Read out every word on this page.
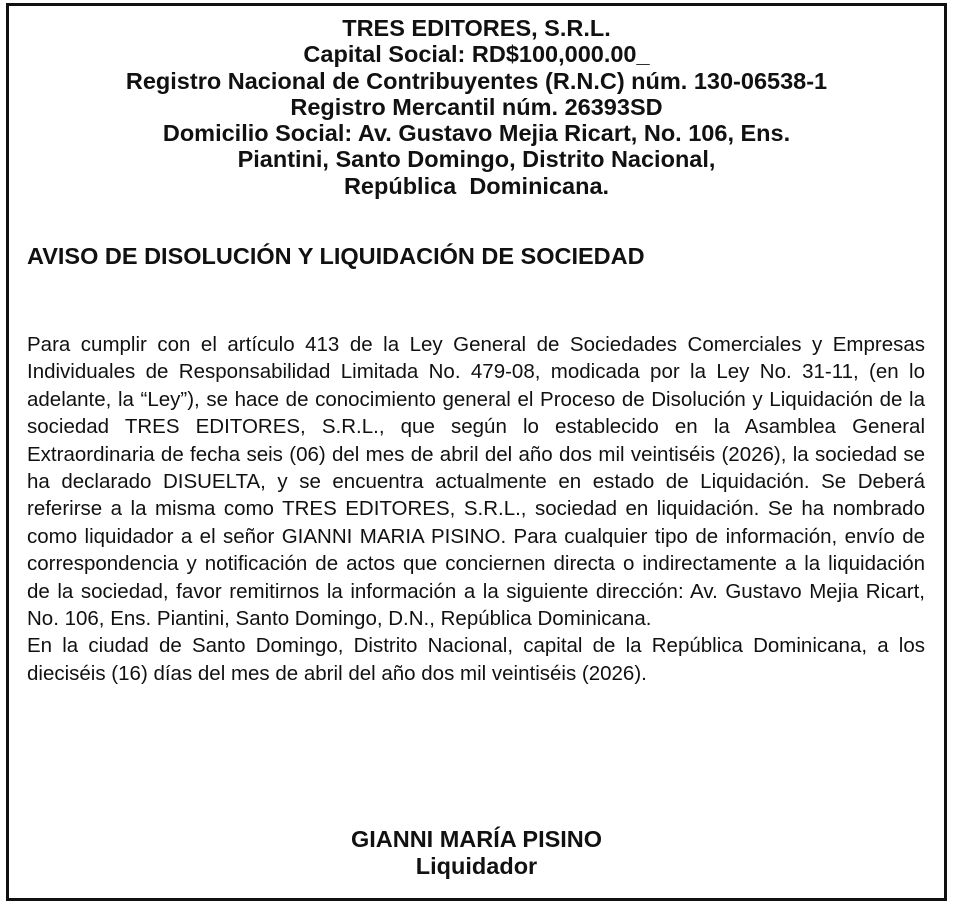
TRES EDITORES, S.R.L.
Capital Social: RD$100,000.00_
Registro Nacional de Contribuyentes (R.N.C) núm. 130-06538-1
Registro Mercantil núm. 26393SD
Domicilio Social: Av. Gustavo Mejia Ricart, No. 106, Ens.
Piantini, Santo Domingo, Distrito Nacional,
República  Dominicana.
AVISO DE DISOLUCIÓN Y LIQUIDACIÓN DE SOCIEDAD

Para cumplir con el artículo 413 de la Ley General de Sociedades Comerciales y Empresas Individuales de Responsabilidad Limitada No. 479-08, modicada por la Ley No. 31-11, (en lo adelante, la “Ley”), se hace de conocimiento general el Proceso de Disolución y Liquidación de la sociedad TRES EDITORES, S.R.L., que según lo establecido en la Asamblea General Extraordinaria de fecha seis (06) del mes de abril del año dos mil veintiséis (2026), la sociedad se ha declarado DISUELTA, y se encuentra actualmente en estado de Liquidación. Se Deberá referirse a la misma como TRES EDITORES, S.R.L., sociedad en liquidación. Se ha nombrado como liquidador a el señor GIANNI MARIA PISINO. Para cualquier tipo de información, envío de correspondencia y notificación de actos que conciernen directa o indirectamente a la liquidación de la sociedad, favor remitirnos la información a la siguiente dirección: Av. Gustavo Mejia Ricart, No. 106, Ens. Piantini, Santo Domingo, D.N., República Dominicana.

En la ciudad de Santo Domingo, Distrito Nacional, capital de la República Dominicana, a los dieciséis (16) días del mes de abril del año dos mil veintiséis (2026).

GIANNI MARÍA PISINO
Liquidador
